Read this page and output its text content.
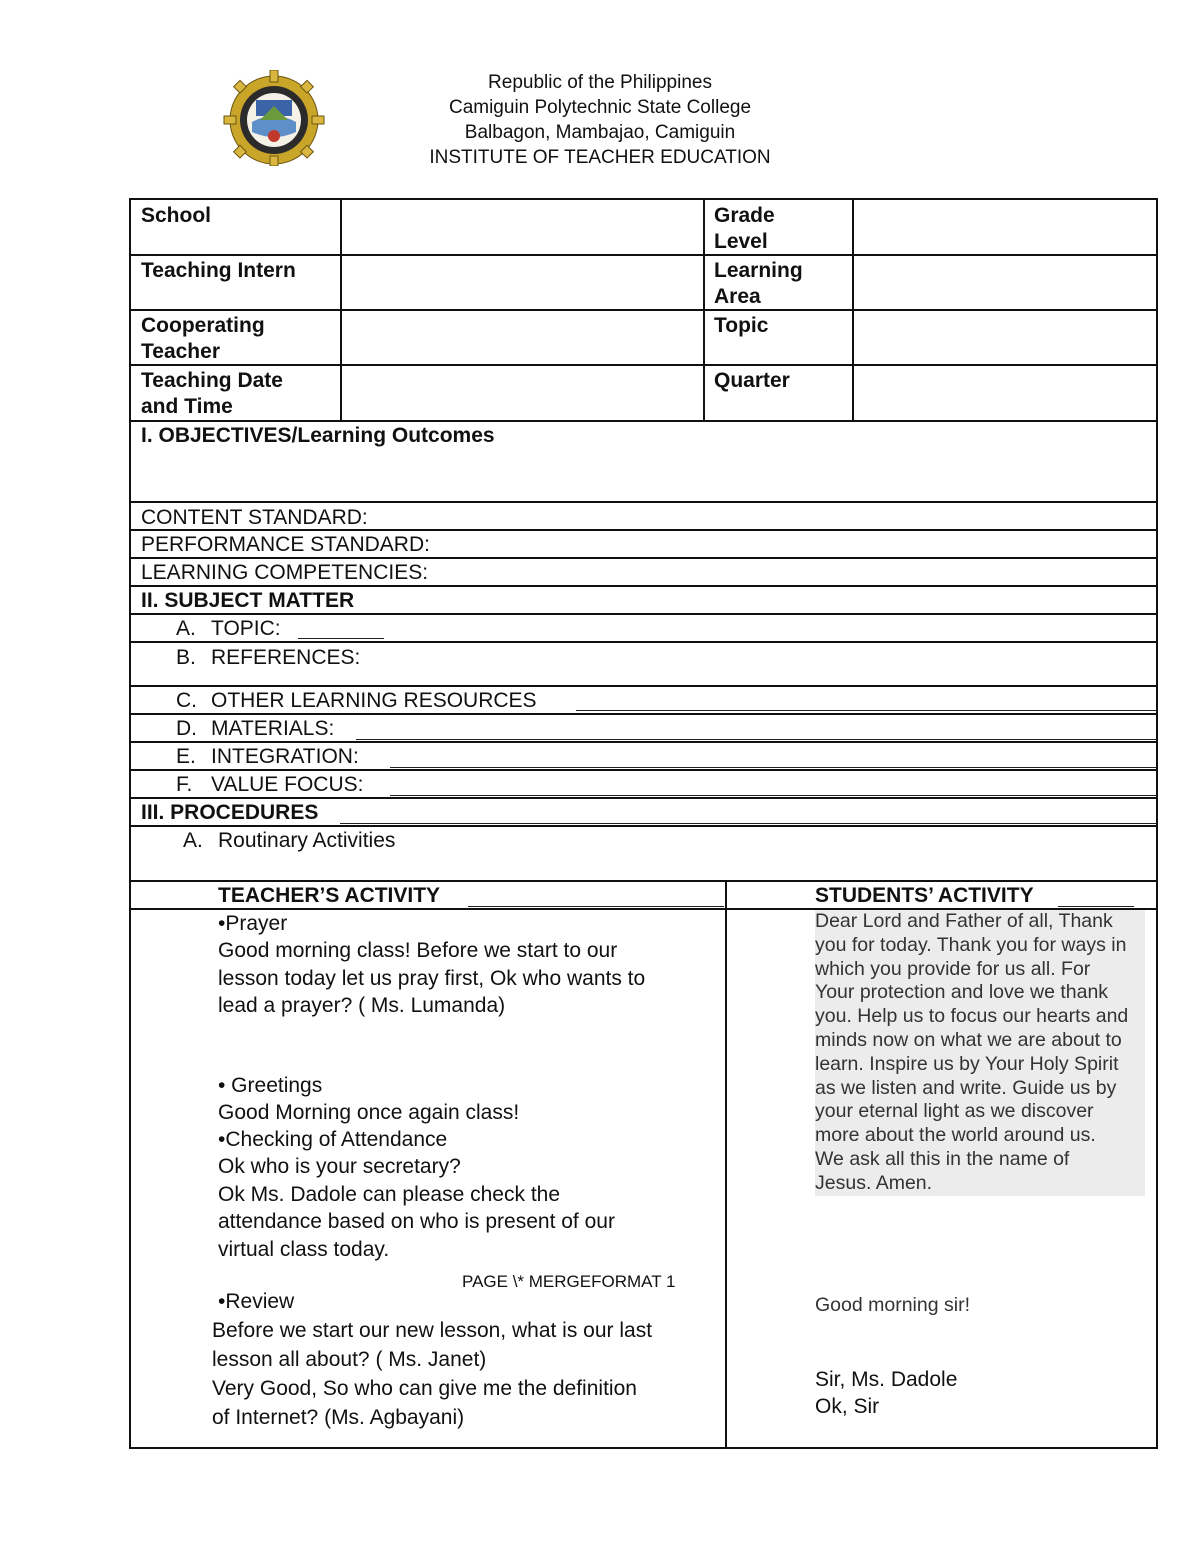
Republic of the Philippines
Camiguin Polytechnic State College
Balbagon, Mambajao, Camiguin
INSTITUTE OF TEACHER EDUCATION
School
Teaching Intern
Cooperating
Teacher
Teaching Date
and Time
Grade
Level
Learning
Area
Topic
Quarter
I. OBJECTIVES/Learning Outcomes
CONTENT STANDARD:
PERFORMANCE STANDARD:
LEARNING COMPETENCIES:
II. SUBJECT MATTER
A. TOPIC:
B. REFERENCES:
C. OTHER LEARNING RESOURCES
D. MATERIALS:
E. INTEGRATION:
F. VALUE FOCUS:
III. PROCEDURES
A. Routinary Activities
TEACHER’S ACTIVITY	STUDENTS’ ACTIVITY
•Prayer
Good morning class! Before we start to our
lesson today let us pray first, Ok who wants to
lead a prayer? ( Ms. Lumanda)
• Greetings
Good Morning once again class!
•Checking of Attendance
Ok who is your secretary?
Ok Ms. Dadole can please check the
attendance based on who is present of our
virtual class today.
PAGE \* MERGEFORMAT 1
•Review
Before we start our new lesson, what is our last
lesson all about? ( Ms. Janet)
Very Good, So who can give me the definition
of Internet? (Ms. Agbayani)
Dear Lord and Father of all, Thank
you for today. Thank you for ways in
which you provide for us all. For
Your protection and love we thank
you. Help us to focus our hearts and
minds now on what we are about to
learn. Inspire us by Your Holy Spirit
as we listen and write. Guide us by
your eternal light as we discover
more about the world around us.
We ask all this in the name of
Jesus. Amen.
Good morning sir!
Sir, Ms. Dadole
Ok, Sir
